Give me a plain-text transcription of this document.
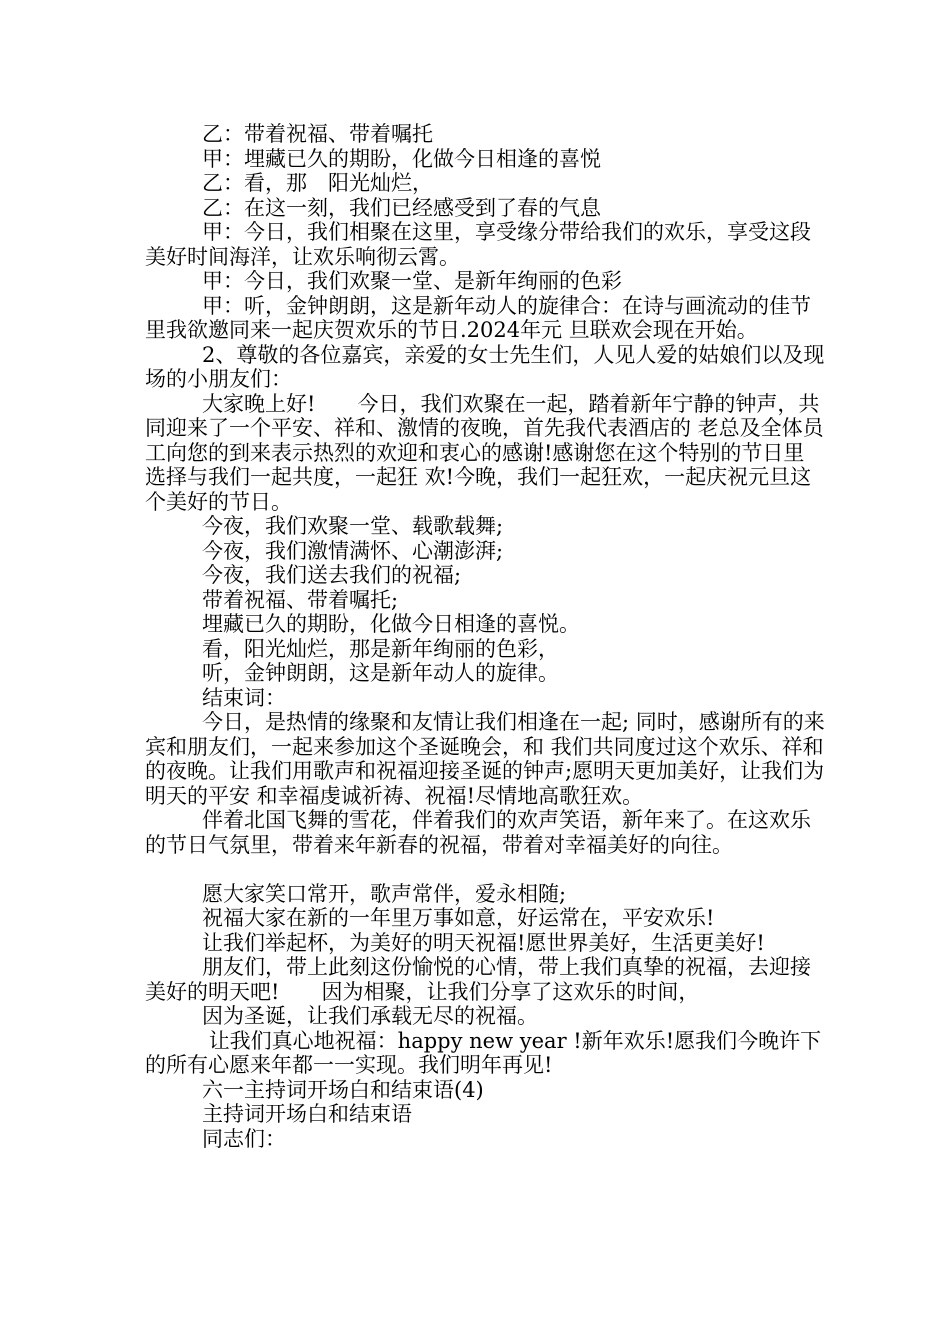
乙：带着祝福、带着嘱托

甲：埋藏已久的期盼，化做今日相逢的喜悦

乙：看，那　阳光灿烂，

乙：在这一刻，我们已经感受到了春的气息

甲：今日，我们相聚在这里，享受缘分带给我们的欢乐，享受这段美好时间海洋，让欢乐响彻云霄。

甲：今日，我们欢聚一堂、是新年绚丽的色彩

甲：听，金钟朗朗，这是新年动人的旋律合：在诗与画流动的佳节里我欲邀同来一起庆贺欢乐的节日.2024年元 旦联欢会现在开始。

2、尊敬的各位嘉宾，亲爱的女士先生们，人见人爱的姑娘们以及现场的小朋友们：

大家晚上好!　　今日，我们欢聚在一起，踏着新年宁静的钟声，共同迎来了一个平安、祥和、激情的夜晚，首先我代表酒店的 老总及全体员工向您的到来表示热烈的欢迎和衷心的感谢!感谢您在这个特别的节日里选择与我们一起共度，一起狂 欢!今晚，我们一起狂欢，一起庆祝元旦这个美好的节日。

今夜，我们欢聚一堂、载歌载舞;

今夜，我们激情满怀、心潮澎湃;

今夜，我们送去我们的祝福;

带着祝福、带着嘱托;

埋藏已久的期盼，化做今日相逢的喜悦。

看，阳光灿烂，那是新年绚丽的色彩，

听，金钟朗朗，这是新年动人的旋律。

结束词：

今日，是热情的缘聚和友情让我们相逢在一起; 同时，感谢所有的来宾和朋友们，一起来参加这个圣诞晚会，和 我们共同度过这个欢乐、祥和的夜晚。让我们用歌声和祝福迎接圣诞的钟声;愿明天更加美好，让我们为明天的平安 和幸福虔诚祈祷、祝福!尽情地高歌狂欢。

伴着北国飞舞的雪花，伴着我们的欢声笑语，新年来了。在这欢乐的节日气氛里，带着来年新春的祝福，带着对幸福美好的向往。

愿大家笑口常开，歌声常伴，爱永相随;

祝福大家在新的一年里万事如意，好运常在，平安欢乐!

让我们举起杯，为美好的明天祝福!愿世界美好，生活更美好!

朋友们，带上此刻这份愉悦的心情，带上我们真挚的祝福，去迎接美好的明天吧!　　因为相聚，让我们分享了这欢乐的时间，

因为圣诞，让我们承载无尽的祝福。

让我们真心地祝福：happy new year !新年欢乐!愿我们今晚许下的所有心愿来年都一一实现。我们明年再见!

六一主持词开场白和结束语(4)

主持词开场白和结束语

同志们：
